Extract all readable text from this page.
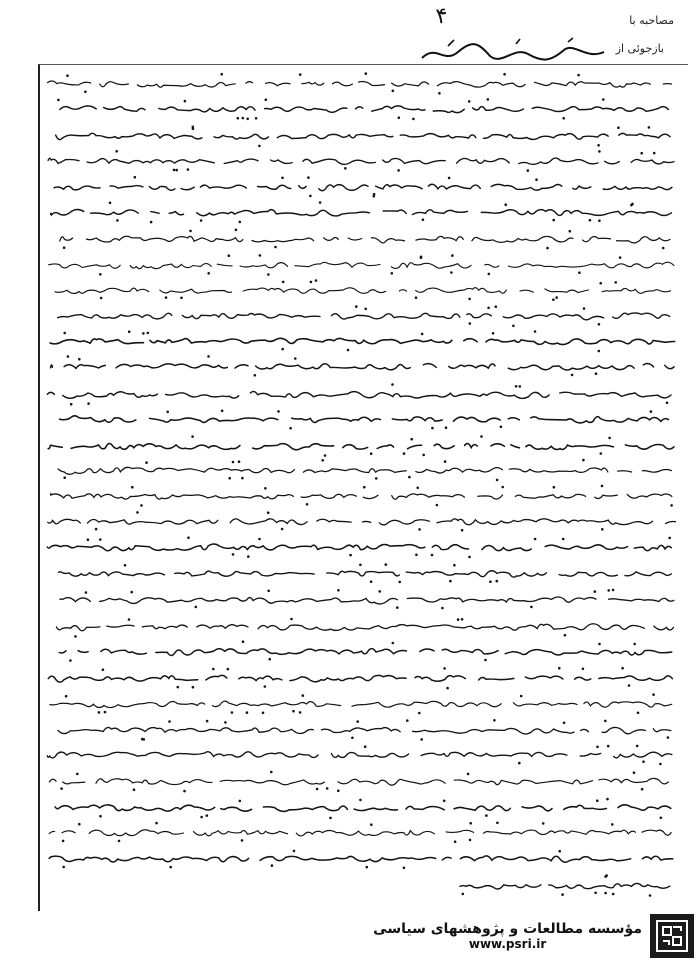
مصاحبه با
بازجوئی از
۴
مؤسسه مطالعات و پژوهشهای سیاسی
www.psri.ir
